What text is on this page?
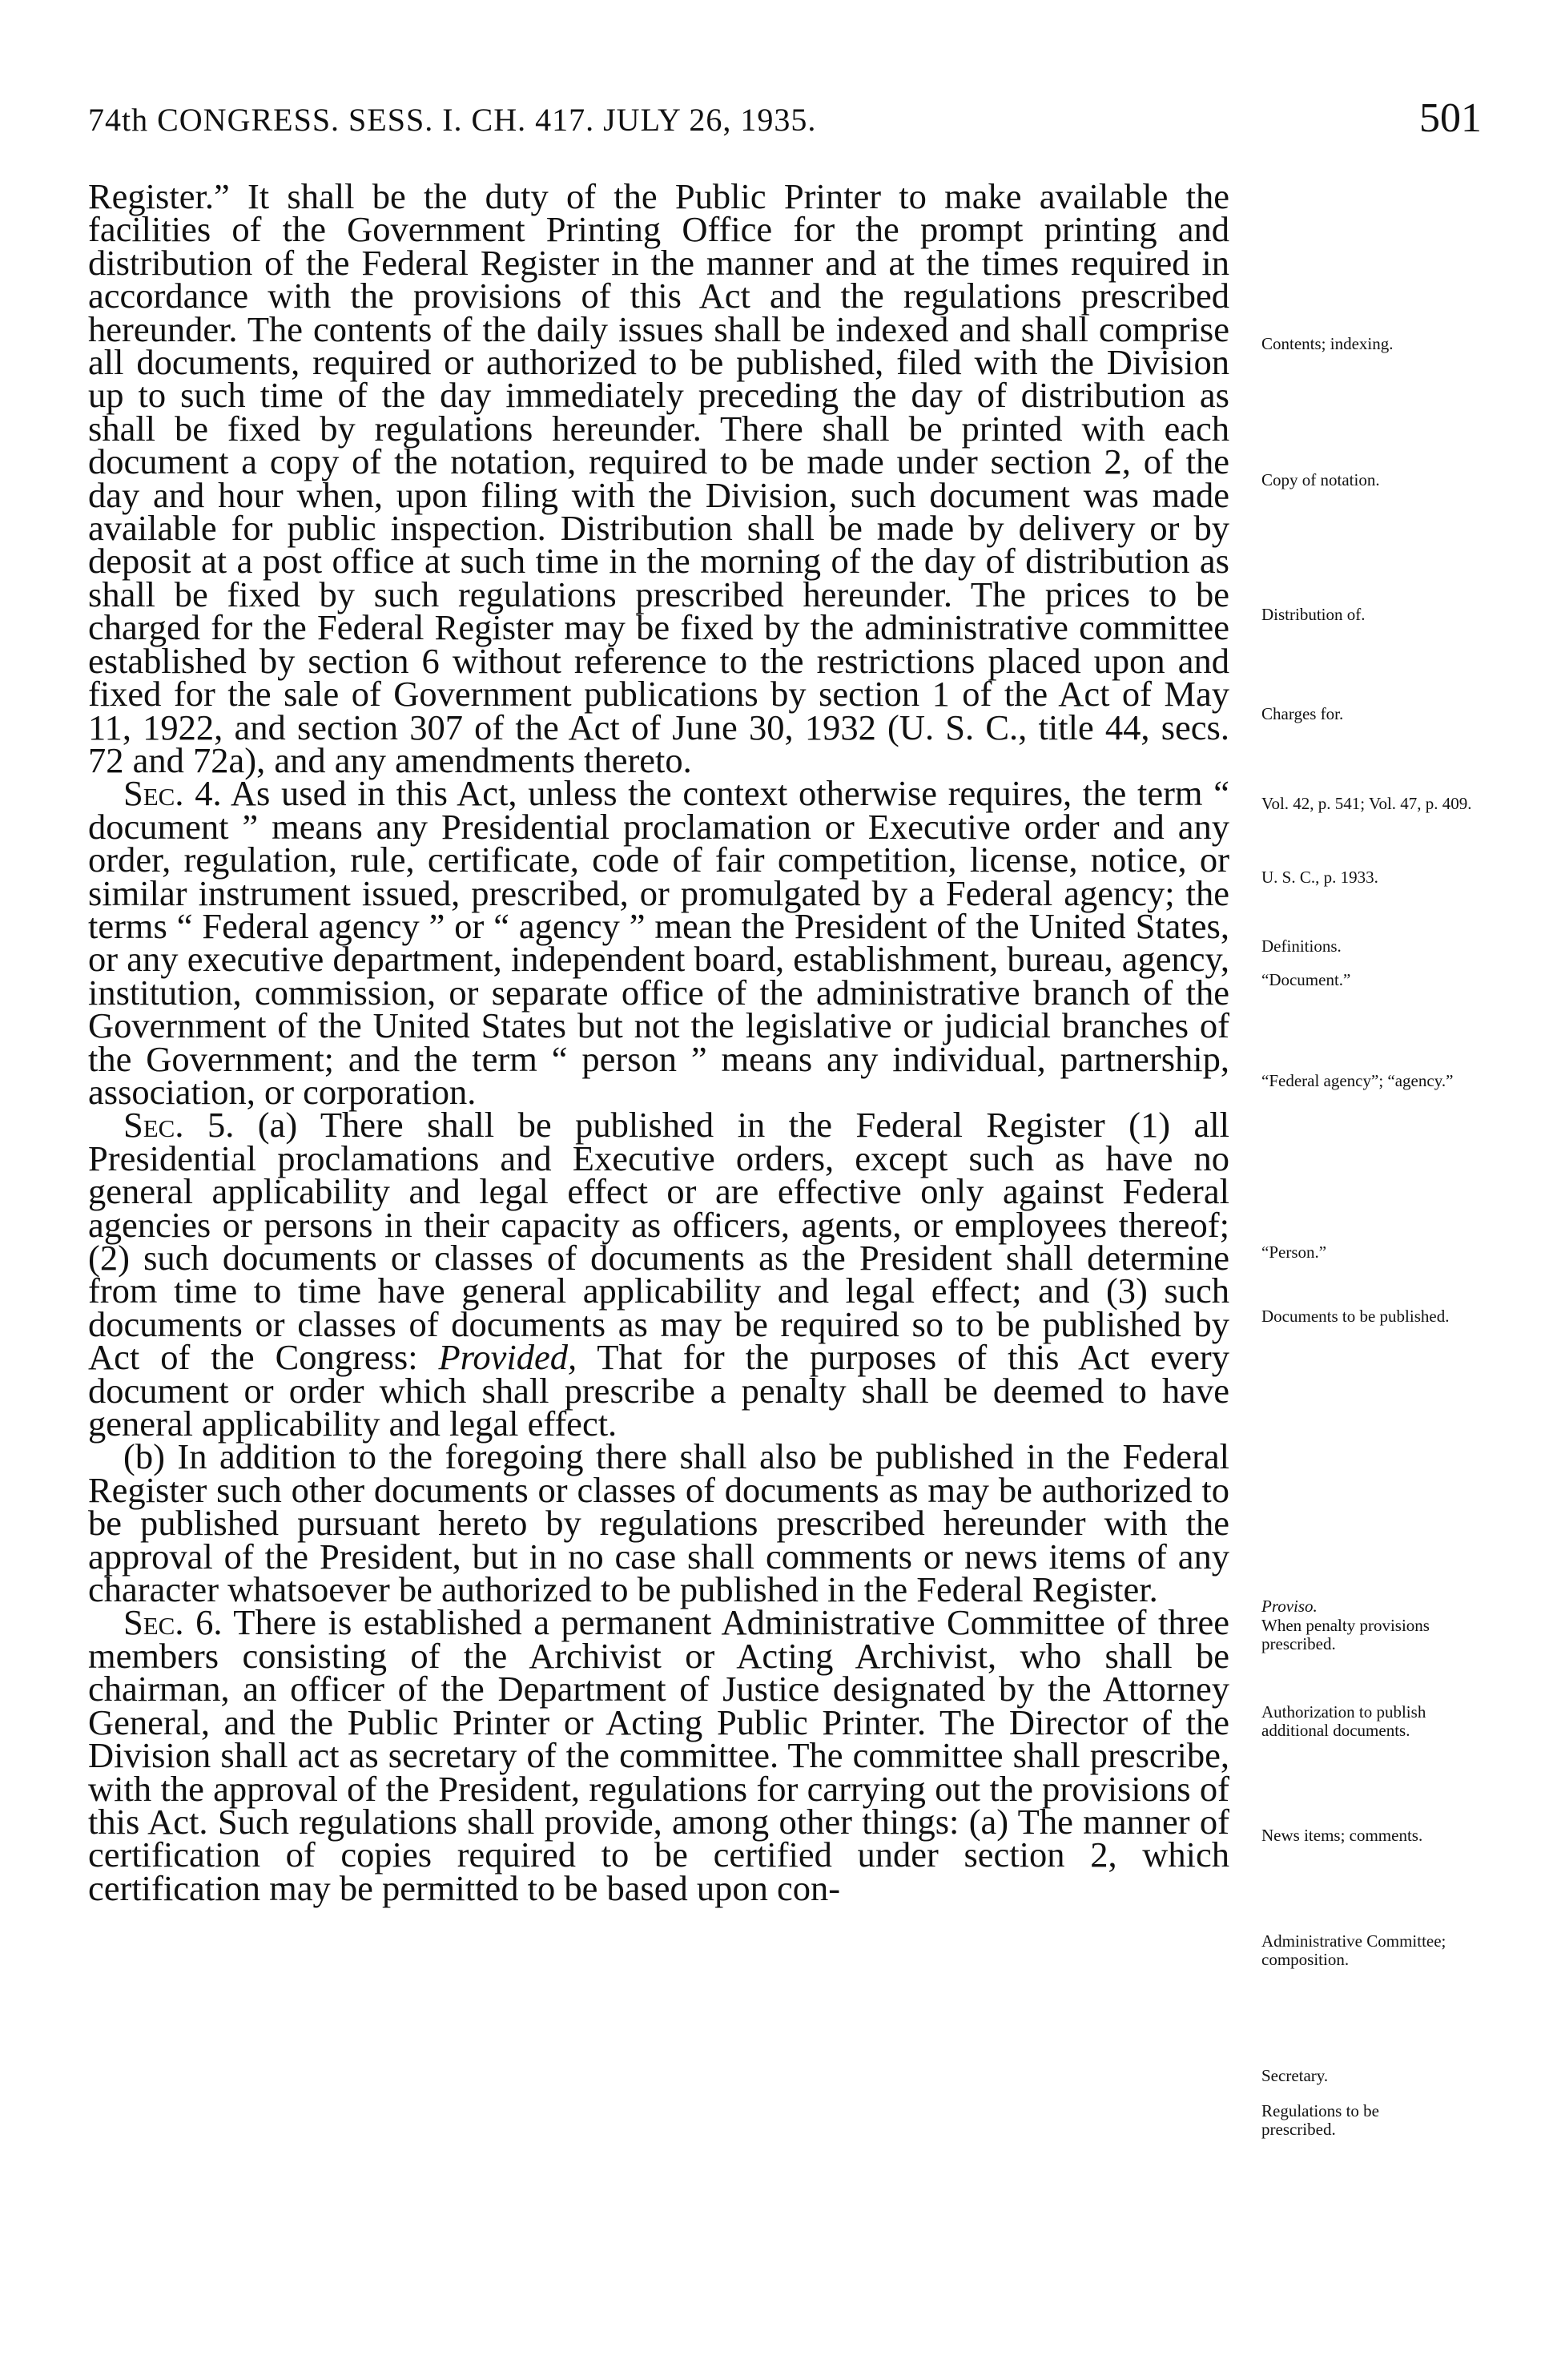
74th CONGRESS. SESS. I. CH. 417. JULY 26, 1935.	501

Register.” It shall be the duty of the Public Printer to make available the facilities of the Government Printing Office for the prompt printing and distribution of the Federal Register in the manner and at the times required in accordance with the provisions of this Act and the regulations prescribed hereunder. The contents of the daily issues shall be indexed and shall comprise all documents, required or authorized to be published, filed with the Division up to such time of the day immediately preceding the day of distribution as shall be fixed by regulations hereunder. There shall be printed with each document a copy of the notation, required to be made under section 2, of the day and hour when, upon filing with the Division, such document was made available for public inspection. Distribution shall be made by delivery or by deposit at a post office at such time in the morning of the day of distribution as shall be fixed by such regulations prescribed hereunder. The prices to be charged for the Federal Register may be fixed by the administrative committee established by section 6 without reference to the restrictions placed upon and fixed for the sale of Government publications by section 1 of the Act of May 11, 1922, and section 307 of the Act of June 30, 1932 (U. S. C., title 44, secs. 72 and 72a), and any amendments thereto.

Sec. 4. As used in this Act, unless the context otherwise requires, the term “ document ” means any Presidential proclamation or Executive order and any order, regulation, rule, certificate, code of fair competition, license, notice, or similar instrument issued, prescribed, or promulgated by a Federal agency; the terms “ Federal agency ” or “ agency ” mean the President of the United States, or any executive department, independent board, establishment, bureau, agency, institution, commission, or separate office of the administrative branch of the Government of the United States but not the legislative or judicial branches of the Government; and the term “ person ” means any individual, partnership, association, or corporation.

Sec. 5. (a) There shall be published in the Federal Register (1) all Presidential proclamations and Executive orders, except such as have no general applicability and legal effect or are effective only against Federal agencies or persons in their capacity as officers, agents, or employees thereof; (2) such documents or classes of documents as the President shall determine from time to time have general applicability and legal effect; and (3) such documents or classes of documents as may be required so to be published by Act of the Congress: Provided, That for the purposes of this Act every document or order which shall prescribe a penalty shall be deemed to have general applicability and legal effect.

(b) In addition to the foregoing there shall also be published in the Federal Register such other documents or classes of documents as may be authorized to be published pursuant hereto by regulations prescribed hereunder with the approval of the President, but in no case shall comments or news items of any character whatsoever be authorized to be published in the Federal Register.

Sec. 6. There is established a permanent Administrative Committee of three members consisting of the Archivist or Acting Archivist, who shall be chairman, an officer of the Department of Justice designated by the Attorney General, and the Public Printer or Acting Public Printer. The Director of the Division shall act as secretary of the committee. The committee shall prescribe, with the approval of the President, regulations for carrying out the provisions of this Act. Such regulations shall provide, among other things: (a) The manner of certification of copies required to be certified under section 2, which certification may be permitted to be based upon con-

Contents; indexing.
Copy of notation.
Distribution of.
Charges for.
Vol. 42, p. 541; Vol. 47, p. 409.
U. S. C., p. 1933.
Definitions.
“Document.”
“Federal agency”; “agency.”
“Person.”
Documents to be published.
Proviso.
When penalty provisions prescribed.
Authorization to publish additional documents.
News items; comments.
Administrative Committee; composition.
Secretary.
Regulations to be prescribed.
